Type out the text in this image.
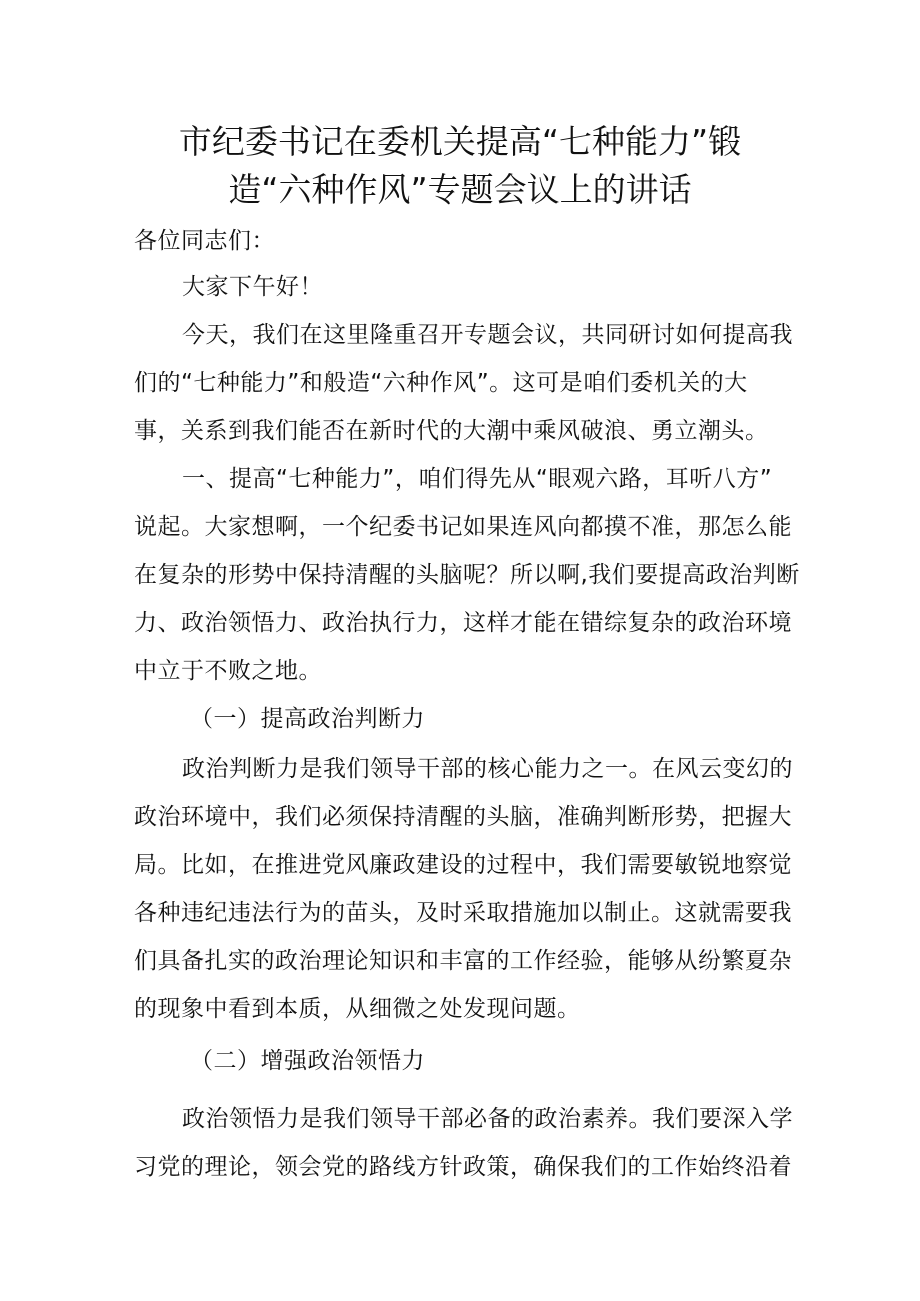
市纪委书记在委机关提高“七种能力”锻
造“六种作风”专题会议上的讲话
各位同志们：
大家下午好！
今天，我们在这里隆重召开专题会议，共同研讨如何提高我
们的“七种能力”和般造“六种作风”。这可是咱们委机关的大
事，关系到我们能否在新时代的大潮中乘风破浪、勇立潮头。
一、提高“七种能力”，咱们得先从“眼观六路，耳听八方”
说起。大家想啊，一个纪委书记如果连风向都摸不准，那怎么能
在复杂的形势中保持清醒的头脑呢？所以啊,我们要提高政治判断
力、政治领悟力、政治执行力，这样才能在错综复杂的政治环境
中立于不败之地。
（一）提高政治判断力
政治判断力是我们领导干部的核心能力之一。在风云变幻的
政治环境中，我们必须保持清醒的头脑，准确判断形势，把握大
局。比如，在推进党风廉政建设的过程中，我们需要敏锐地察觉
各种违纪违法行为的苗头，及时采取措施加以制止。这就需要我
们具备扎实的政治理论知识和丰富的工作经验，能够从纷繁夏杂
的现象中看到本质，从细微之处发现问题。
（二）增强政治领悟力
政治领悟力是我们领导干部必备的政治素养。我们要深入学
习党的理论，领会党的路线方针政策，确保我们的工作始终沿着
